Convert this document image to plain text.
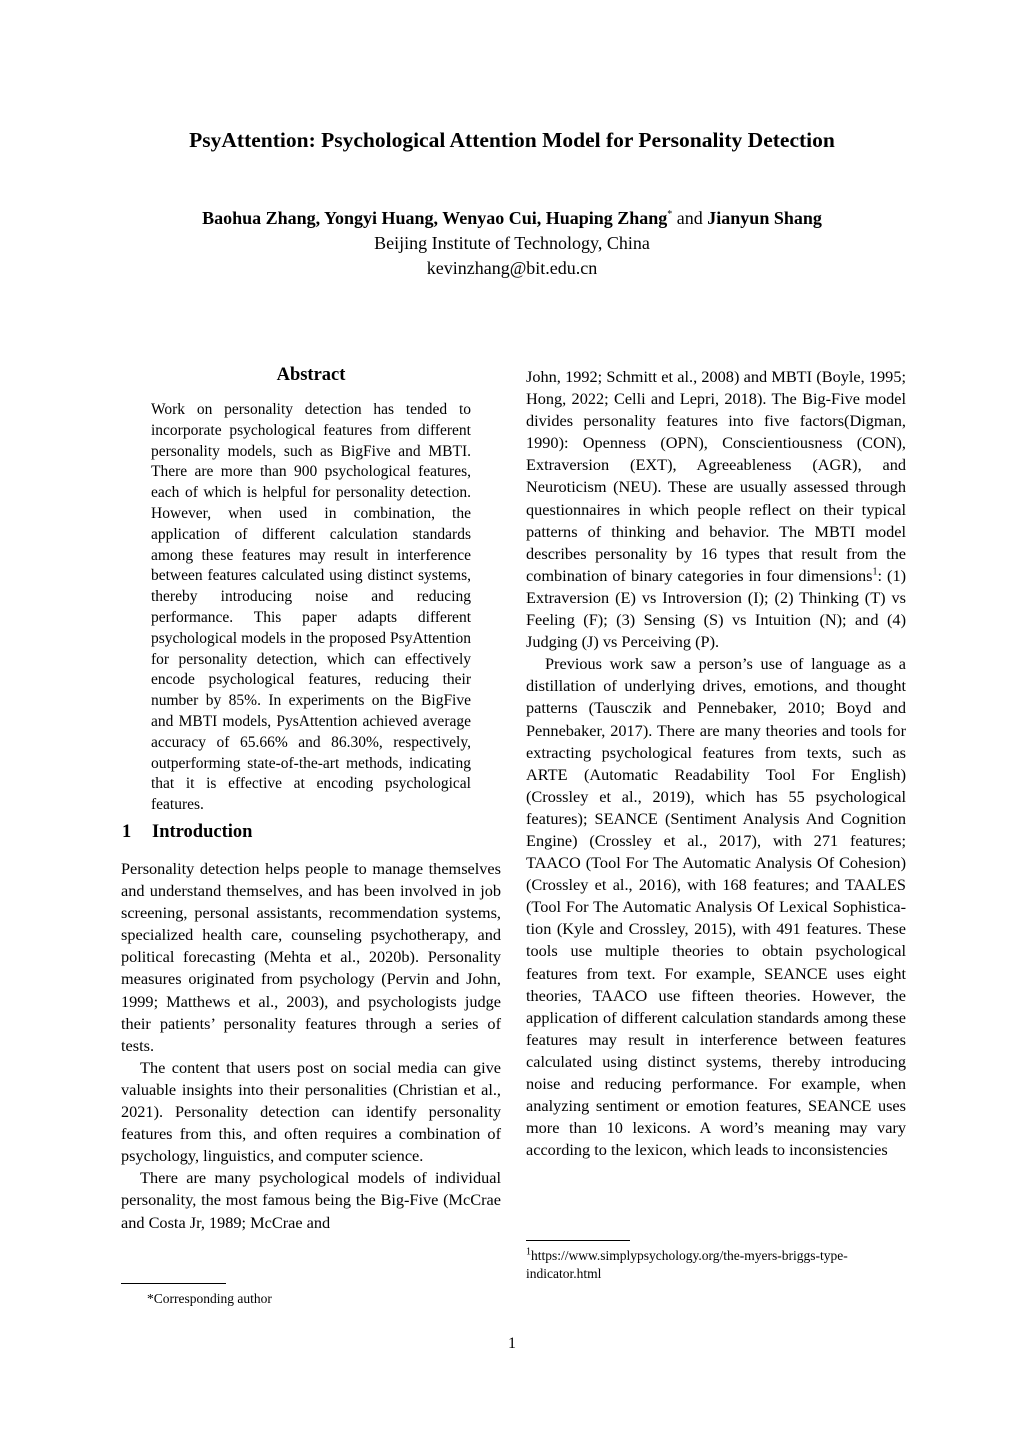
PsyAttention: Psychological Attention Model for Personality Detection
Baohua Zhang, Yongyi Huang, Wenyao Cui, Huaping Zhang* and Jianyun Shang
Beijing Institute of Technology, China
kevinzhang@bit.edu.cn
Abstract
Work on personality detection has tended to incorporate psychological features from different personality models, such as BigFive and MBTI. There are more than 900 psychological features, each of which is helpful for personality detection. However, when used in combination, the application of different calculation standards among these features may result in interference between features calculated using distinct systems, thereby introducing noise and reducing performance. This paper adapts different psychological models in the proposed PsyAttention for personality detection, which can effectively encode psychological features, reducing their number by 85%. In experiments on the BigFive and MBTI models, PysAttention achieved average accuracy of 65.66% and 86.30%, respectively, outperforming state-of-the-art methods, indicating that it is effective at encoding psychological features.
1 Introduction

Personality detection helps people to manage themselves and understand themselves, and has been involved in job screening, personal assistants, recommendation systems, specialized health care, counseling psychotherapy, and political forecasting (Mehta et al., 2020b). Personality measures originated from psychology (Pervin and John, 1999; Matthews et al., 2003), and psychologists judge their patients’ personality features through a series of tests.

The content that users post on social media can give valuable insights into their personalities (Christian et al., 2021). Personality detection can identify personality features from this, and often requires a combination of psychology, linguistics, and computer science.

There are many psychological models of individual personality, the most famous being the Big-Five (McCrae and Costa Jr, 1989; McCrae and

John, 1992; Schmitt et al., 2008) and MBTI (Boyle, 1995; Hong, 2022; Celli and Lepri, 2018). The Big-Five model divides personality features into five factors(Digman, 1990): Openness (OPN), Conscientiousness (CON), Extraversion (EXT), Agreeableness (AGR), and Neuroticism (NEU). These are usually assessed through questionnaires in which people reflect on their typical patterns of thinking and behavior. The MBTI model describes personality by 16 types that result from the combination of binary categories in four dimensions$^1$: (1) Extraversion (E) vs Introversion (I); (2) Thinking (T) vs Feeling (F); (3) Sensing (S) vs Intuition (N); and (4) Judging (J) vs Perceiving (P).

Previous work saw a person’s use of language as a distillation of underlying drives, emotions, and thought patterns (Tausczik and Pennebaker, 2010; Boyd and Pennebaker, 2017). There are many theories and tools for extracting psychological features from texts, such as ARTE (Automatic Readability Tool For English) (Crossley et al., 2019), which has 55 psychological features); SEANCE (Sentiment Analysis And Cognition Engine) (Crossley et al., 2017), with 271 features; TAACO (Tool For The Automatic Analysis Of Cohesion) (Crossley et al., 2016), with 168 features; and TAALES (Tool For The Automatic Analysis Of Lexical Sophistication (Kyle and Crossley, 2015), with 491 features. These tools use multiple theories to obtain psychological features from text. For example, SEANCE uses eight theories, TAACO use fifteen theories. However, the application of different calculation standards among these features may result in interference between features calculated using distinct systems, thereby introducing noise and reducing performance. For example, when analyzing sentiment or emotion features, SEANCE uses more than 10 lexicons. A word’s meaning may vary according to the lexicon, which leads to inconsistencies

*Corresponding author
$^1$https://www.simplypsychology.org/the-myers-briggs-type-indicator.html
1
